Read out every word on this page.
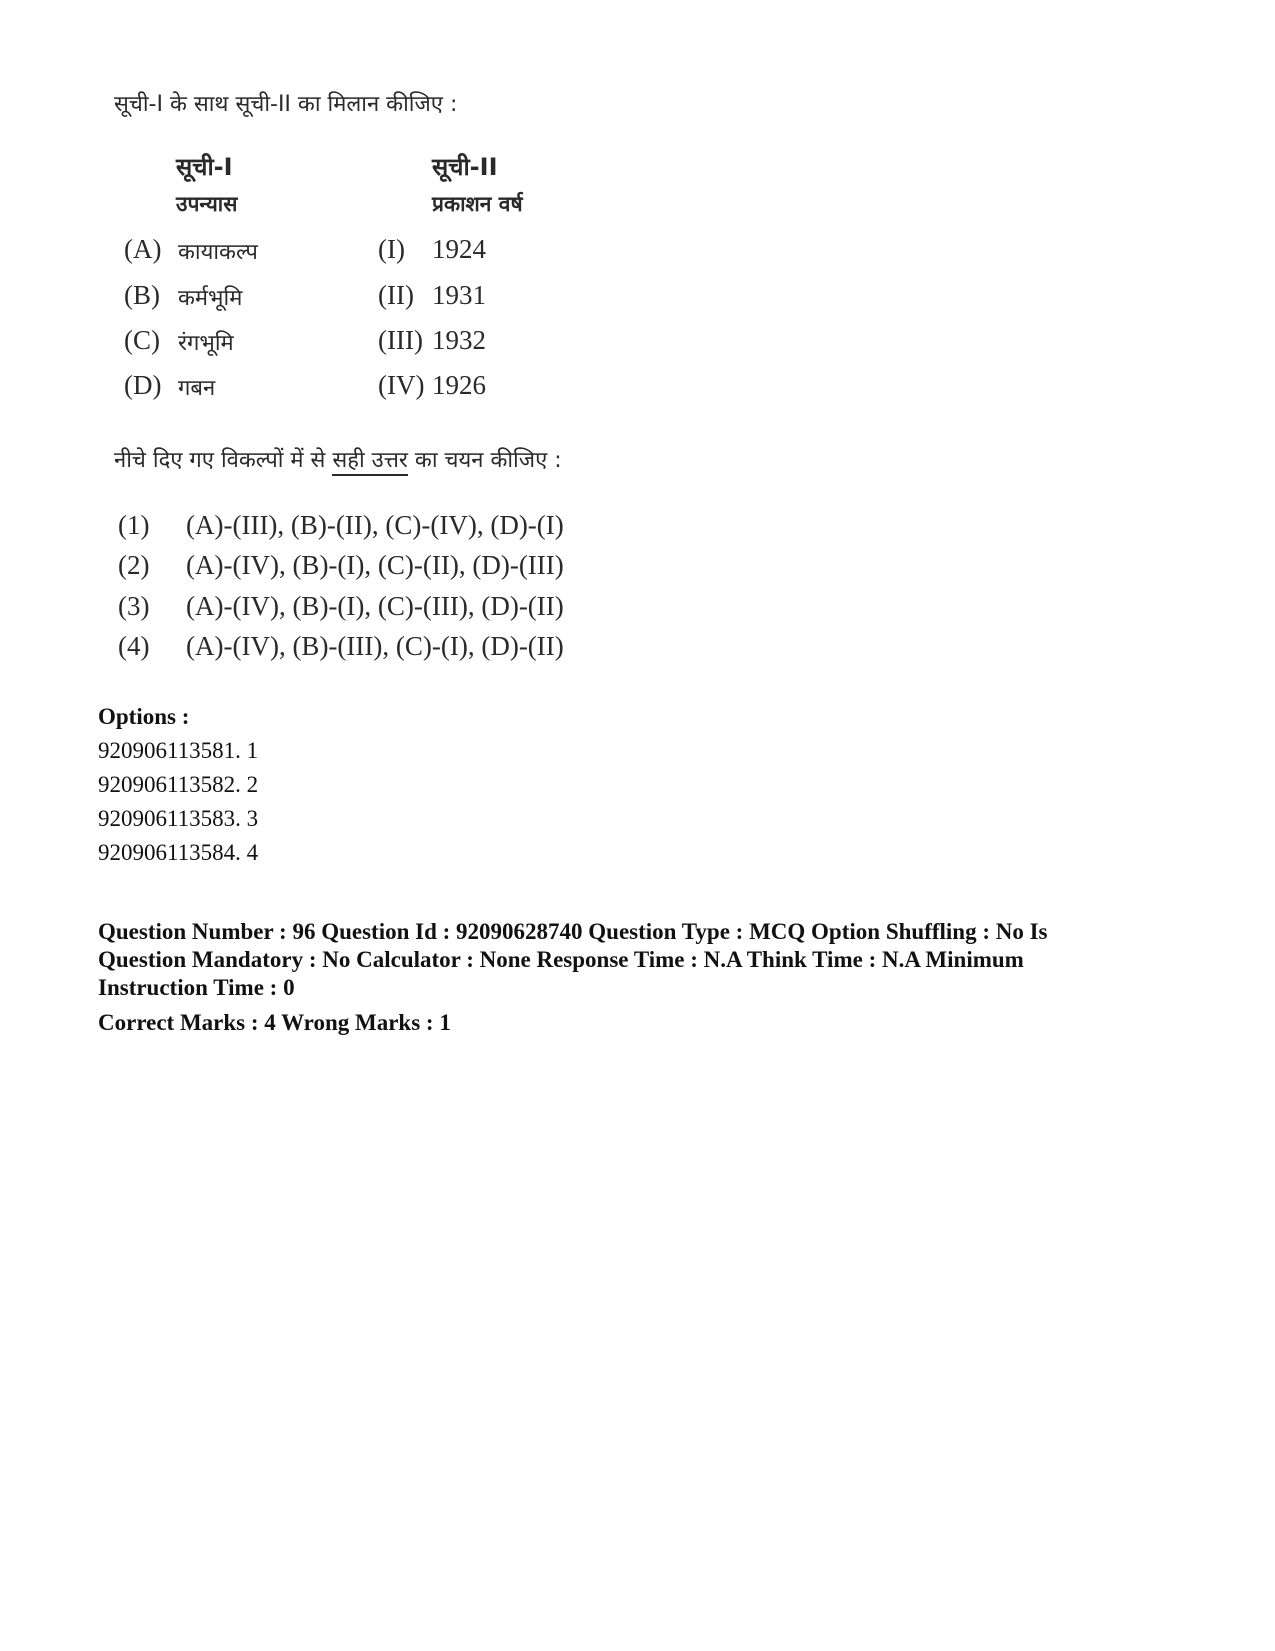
सूची-I के साथ सूची-II का मिलान कीजिए :
सूची-I	सूची-II
उपन्यास	प्रकाशन वर्ष
(A) कायाकल्प	(I) 1924
(B) कर्मभूमि	(II) 1931
(C) रंगभूमि	(III) 1932
(D) गबन	(IV) 1926
नीचे दिए गए विकल्पों में से सही उत्तर का चयन कीजिए :
(1) (A)-(III), (B)-(II), (C)-(IV), (D)-(I)
(2) (A)-(IV), (B)-(I), (C)-(II), (D)-(III)
(3) (A)-(IV), (B)-(I), (C)-(III), (D)-(II)
(4) (A)-(IV), (B)-(III), (C)-(I), (D)-(II)
Options :
920906113581. 1
920906113582. 2
920906113583. 3
920906113584. 4
Question Number : 96 Question Id : 92090628740 Question Type : MCQ Option Shuffling : No Is
Question Mandatory : No Calculator : None Response Time : N.A Think Time : N.A Minimum
Instruction Time : 0
Correct Marks : 4 Wrong Marks : 1
